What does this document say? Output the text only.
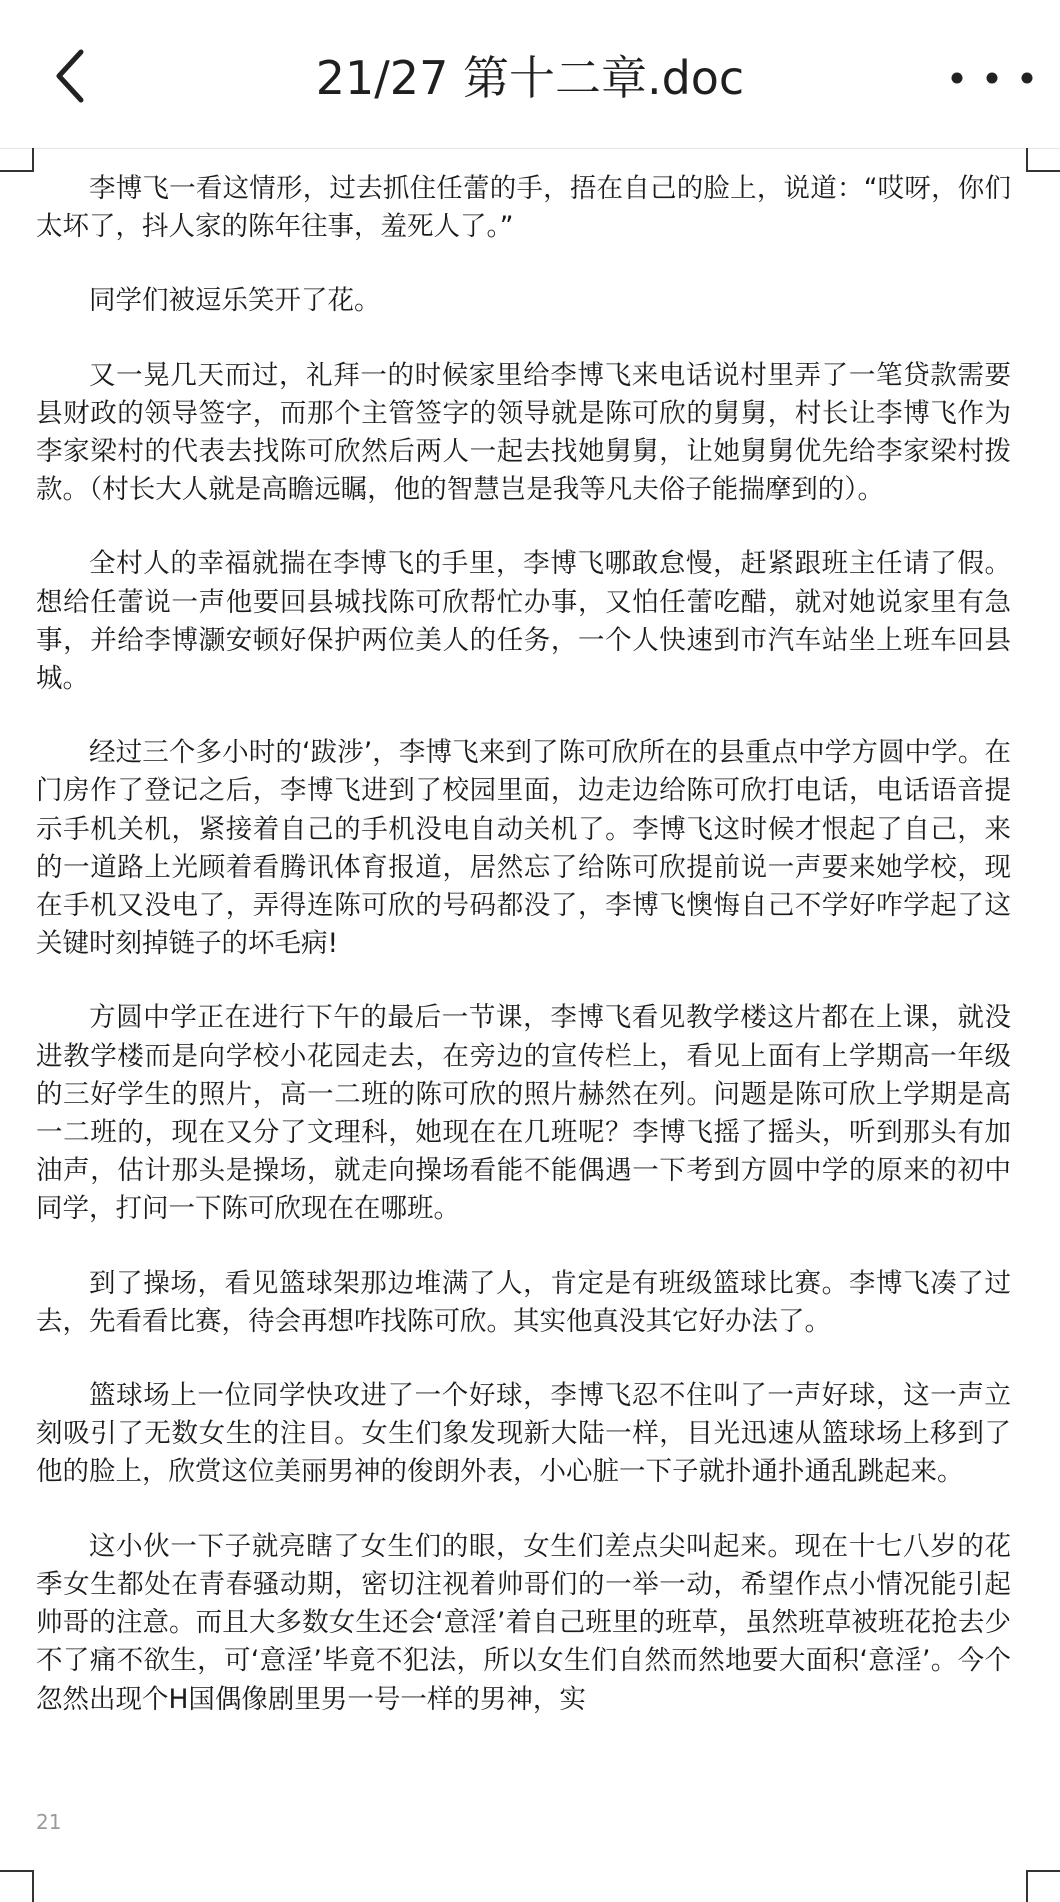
21/27 第十二章.doc

李博飞一看这情形，过去抓住任蕾的手，捂在自己的脸上，说道：“哎呀，你们太坏了，抖人家的陈年往事，羞死人了。”

同学们被逗乐笑开了花。

又一晃几天而过，礼拜一的时候家里给李博飞来电话说村里弄了一笔贷款需要县财政的领导签字，而那个主管签字的领导就是陈可欣的舅舅，村长让李博飞作为李家梁村的代表去找陈可欣然后两人一起去找她舅舅，让她舅舅优先给李家梁村拨款。（村长大人就是高瞻远瞩，他的智慧岂是我等凡夫俗子能揣摩到的）。

全村人的幸福就揣在李博飞的手里，李博飞哪敢怠慢，赶紧跟班主任请了假。想给任蕾说一声他要回县城找陈可欣帮忙办事，又怕任蕾吃醋，就对她说家里有急事，并给李博灏安顿好保护两位美人的任务，一个人快速到市汽车站坐上班车回县城。

经过三个多小时的‘跋涉’，李博飞来到了陈可欣所在的县重点中学方圆中学。在门房作了登记之后，李博飞进到了校园里面，边走边给陈可欣打电话，电话语音提示手机关机，紧接着自己的手机没电自动关机了。李博飞这时候才恨起了自己，来的一道路上光顾着看腾讯体育报道，居然忘了给陈可欣提前说一声要来她学校，现在手机又没电了，弄得连陈可欣的号码都没了，李博飞懊悔自己不学好咋学起了这关键时刻掉链子的坏毛病!

方圆中学正在进行下午的最后一节课，李博飞看见教学楼这片都在上课，就没进教学楼而是向学校小花园走去，在旁边的宣传栏上，看见上面有上学期高一年级的三好学生的照片，高一二班的陈可欣的照片赫然在列。问题是陈可欣上学期是高一二班的，现在又分了文理科，她现在在几班呢？李博飞摇了摇头，听到那头有加油声，估计那头是操场，就走向操场看能不能偶遇一下考到方圆中学的原来的初中同学，打问一下陈可欣现在在哪班。

到了操场，看见篮球架那边堆满了人，肯定是有班级篮球比赛。李博飞凑了过去，先看看比赛，待会再想咋找陈可欣。其实他真没其它好办法了。

篮球场上一位同学快攻进了一个好球，李博飞忍不住叫了一声好球，这一声立刻吸引了无数女生的注目。女生们象发现新大陆一样，目光迅速从篮球场上移到了他的脸上，欣赏这位美丽男神的俊朗外表，小心脏一下子就扑通扑通乱跳起来。

这小伙一下子就亮瞎了女生们的眼，女生们差点尖叫起来。现在十七八岁的花季女生都处在青春骚动期，密切注视着帅哥们的一举一动，希望作点小情况能引起帅哥的注意。而且大多数女生还会‘意淫’着自己班里的班草，虽然班草被班花抢去少不了痛不欲生，可‘意淫’毕竟不犯法，所以女生们自然而然地要大面积‘意淫’。今个忽然出现个H国偶像剧里男一号一样的男神，实

21
